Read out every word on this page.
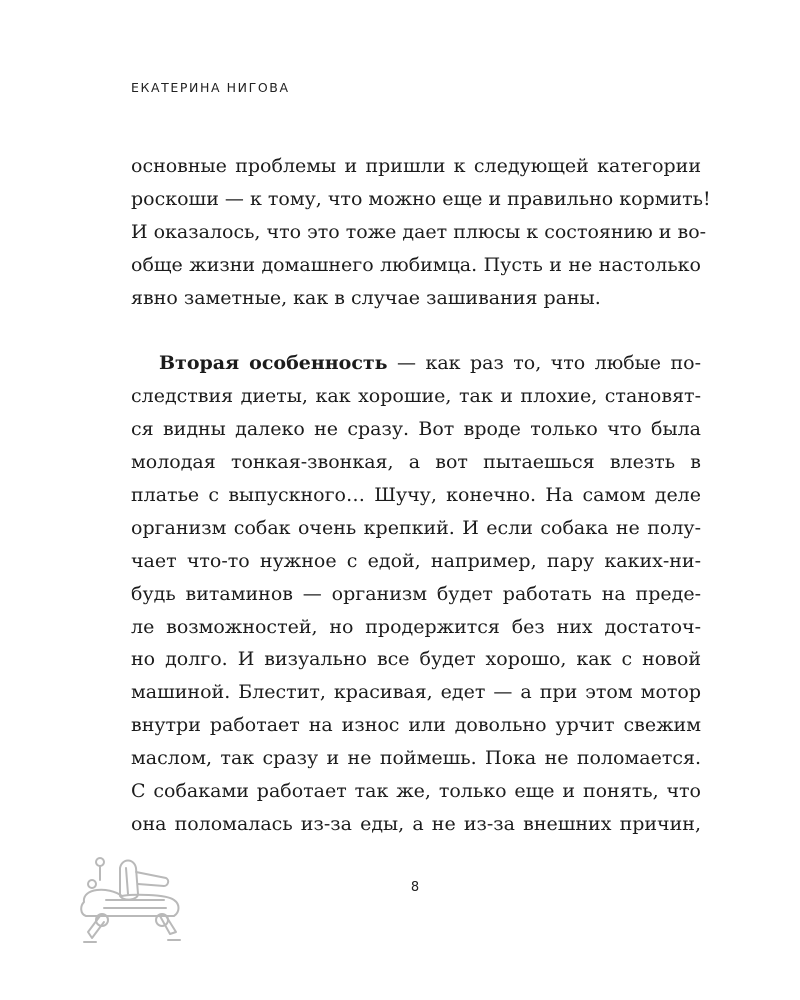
ЕКАТЕРИНА НИГОВА
основные проблемы и пришли к следующей категории
роскоши — к тому, что можно еще и правильно кормить!
И оказалось, что это тоже дает плюсы к состоянию и во-
обще жизни домашнего любимца. Пусть и не настолько
явно заметные, как в случае зашивания раны.
Вторая особенность — как раз то, что любые по-
следствия диеты, как хорошие, так и плохие, становят-
ся видны далеко не сразу. Вот вроде только что была
молодая тонкая-звонкая, а вот пытаешься влезть в
платье с выпускного… Шучу, конечно. На самом деле
организм собак очень крепкий. И если собака не полу-
чает что-то нужное с едой, например, пару каких-ни-
будь витаминов — организм будет работать на преде-
ле возможностей, но продержится без них достаточ-
но долго. И визуально все будет хорошо, как с новой
машиной. Блестит, красивая, едет — а при этом мотор
внутри работает на износ или довольно урчит свежим
маслом, так сразу и не поймешь. Пока не поломается.
С собаками работает так же, только еще и понять, что
она поломалась из-за еды, а не из-за внешних причин,
8
